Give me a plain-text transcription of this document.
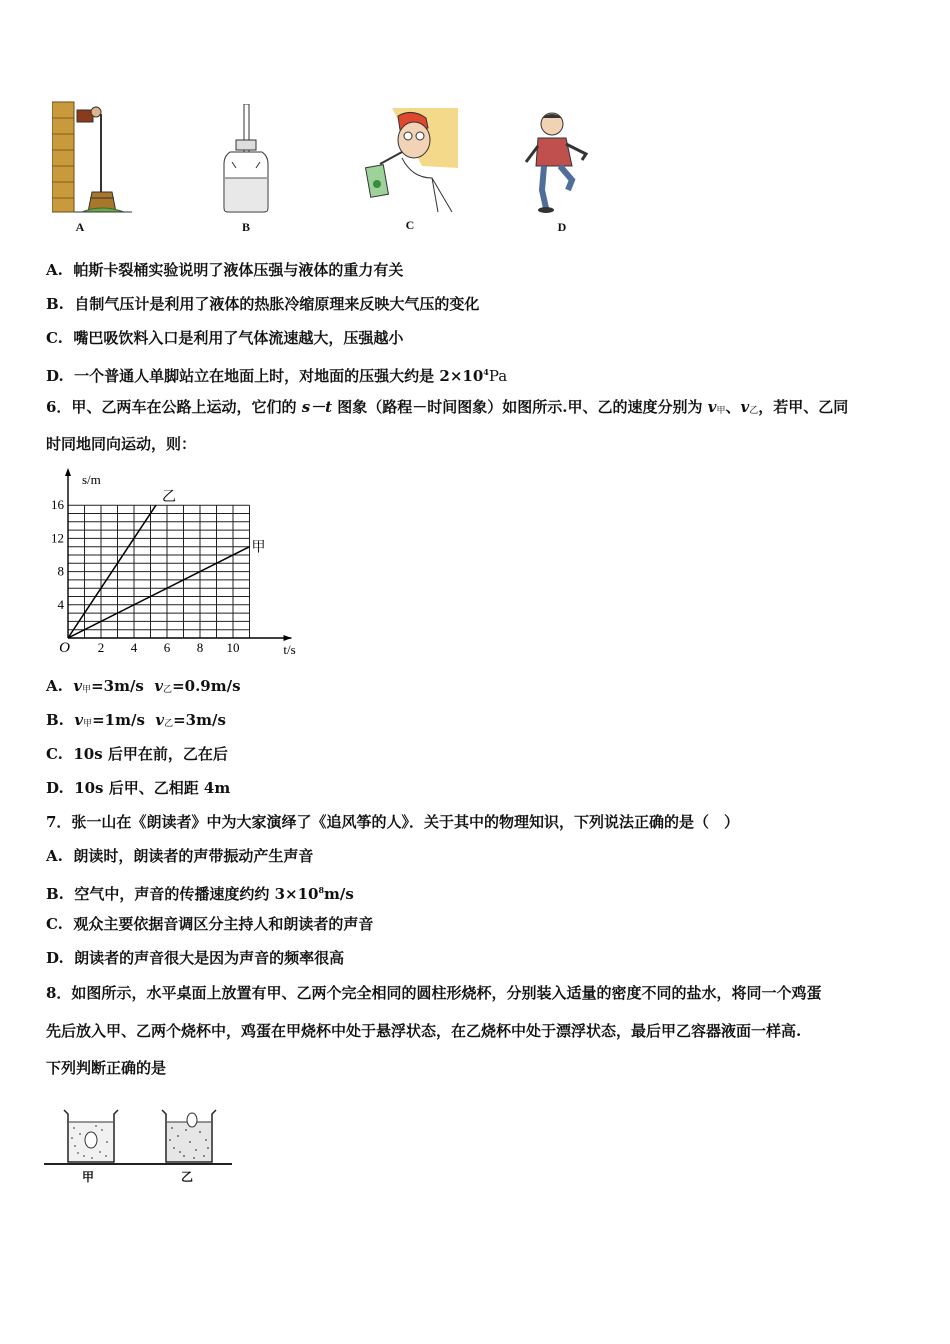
A	B	C	D
A. 帕斯卡裂桶实验说明了液体压强与液体的重力有关
B. 自制气压计是利用了液体的热胀冷缩原理来反映大气压的变化
C. 嘴巴吸饮料入口是利用了气体流速越大，压强越小
D. 一个普通人单脚站立在地面上时，对地面的压强大约是 $2\times 10^4Pa$
6．甲、乙两车在公路上运动，它们的 s－t 图象（路程－时间图象）如图所示.甲、乙的速度分别为 $v_甲$、$v_乙$，若甲、乙同
时同地同向运动，则：
2 4 6 8 10
4
8
12
16
O	t/s
s/m
乙
甲
A. $v_甲=3m/s$ $v_乙=0.9m/s$
B. $v_甲=1m/s$ $v_乙=3m/s$
C. 10s 后甲在前，乙在后
D. 10s 后甲、乙相距 4m
7．张一山在《朗读者》中为大家演绎了《追风筝的人》．关于其中的物理知识，下列说法正确的是（　）
A. 朗读时，朗读者的声带振动产生声音
B. 空气中，声音的传播速度约约 $3\times 10^8m/s$
C. 观众主要依据音调区分主持人和朗读者的声音
D. 朗读者的声音很大是因为声音的频率很高
8．如图所示，水平桌面上放置有甲、乙两个完全相同的圆柱形烧杯，分别装入适量的密度不同的盐水，将同一个鸡蛋
先后放入甲、乙两个烧杯中，鸡蛋在甲烧杯中处于悬浮状态，在乙烧杯中处于漂浮状态，最后甲乙容器液面一样高.
下列判断正确的是
甲	乙
